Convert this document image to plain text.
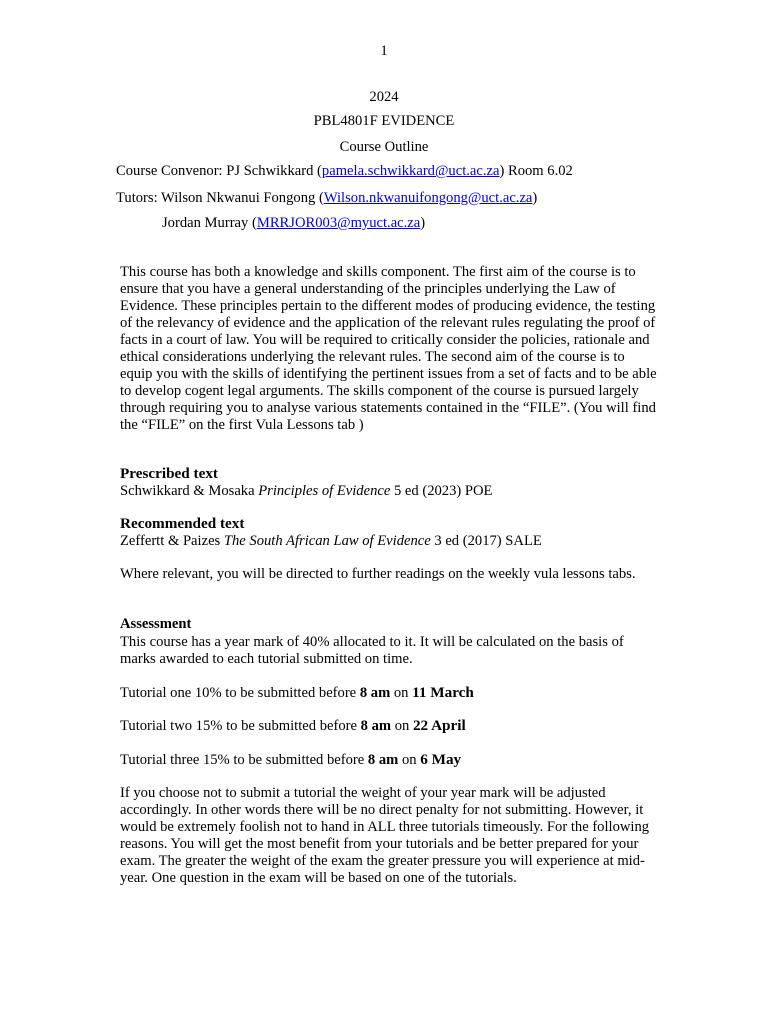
1
2024
PBL4801F EVIDENCE
Course Outline
Course Convenor: PJ Schwikkard (pamela.schwikkard@uct.ac.za) Room 6.02
Tutors: Wilson Nkwanui Fongong (Wilson.nkwanuifongong@uct.ac.za)
Jordan Murray (MRRJOR003@myuct.ac.za)

This course has both a knowledge and skills component. The first aim of the course is to ensure that you have a general understanding of the principles underlying the Law of Evidence. These principles pertain to the different modes of producing evidence, the testing of the relevancy of evidence and the application of the relevant rules regulating the proof of facts in a court of law. You will be required to critically consider the policies, rationale and ethical considerations underlying the relevant rules. The second aim of the course is to equip you with the skills of identifying the pertinent issues from a set of facts and to be able to develop cogent legal arguments. The skills component of the course is pursued largely through requiring you to analyse various statements contained in the “FILE”. (You will find the “FILE” on the first Vula Lessons tab )

Prescribed text
Schwikkard & Mosaka Principles of Evidence 5 ed (2023) POE
Recommended text
Zeffertt & Paizes The South African Law of Evidence 3 ed (2017) SALE

Where relevant, you will be directed to further readings on the weekly vula lessons tabs.

Assessment

This course has a year mark of 40% allocated to it. It will be calculated on the basis of marks awarded to each tutorial submitted on time.

Tutorial one 10% to be submitted before 8 am on 11 March
Tutorial two 15% to be submitted before 8 am on 22 April
Tutorial three 15% to be submitted before 8 am on 6 May

If you choose not to submit a tutorial the weight of your year mark will be adjusted accordingly. In other words there will be no direct penalty for not submitting. However, it would be extremely foolish not to hand in ALL three tutorials timeously. For the following reasons. You will get the most benefit from your tutorials and be better prepared for your exam. The greater the weight of the exam the greater pressure you will experience at mid-year. One question in the exam will be based on one of the tutorials.
